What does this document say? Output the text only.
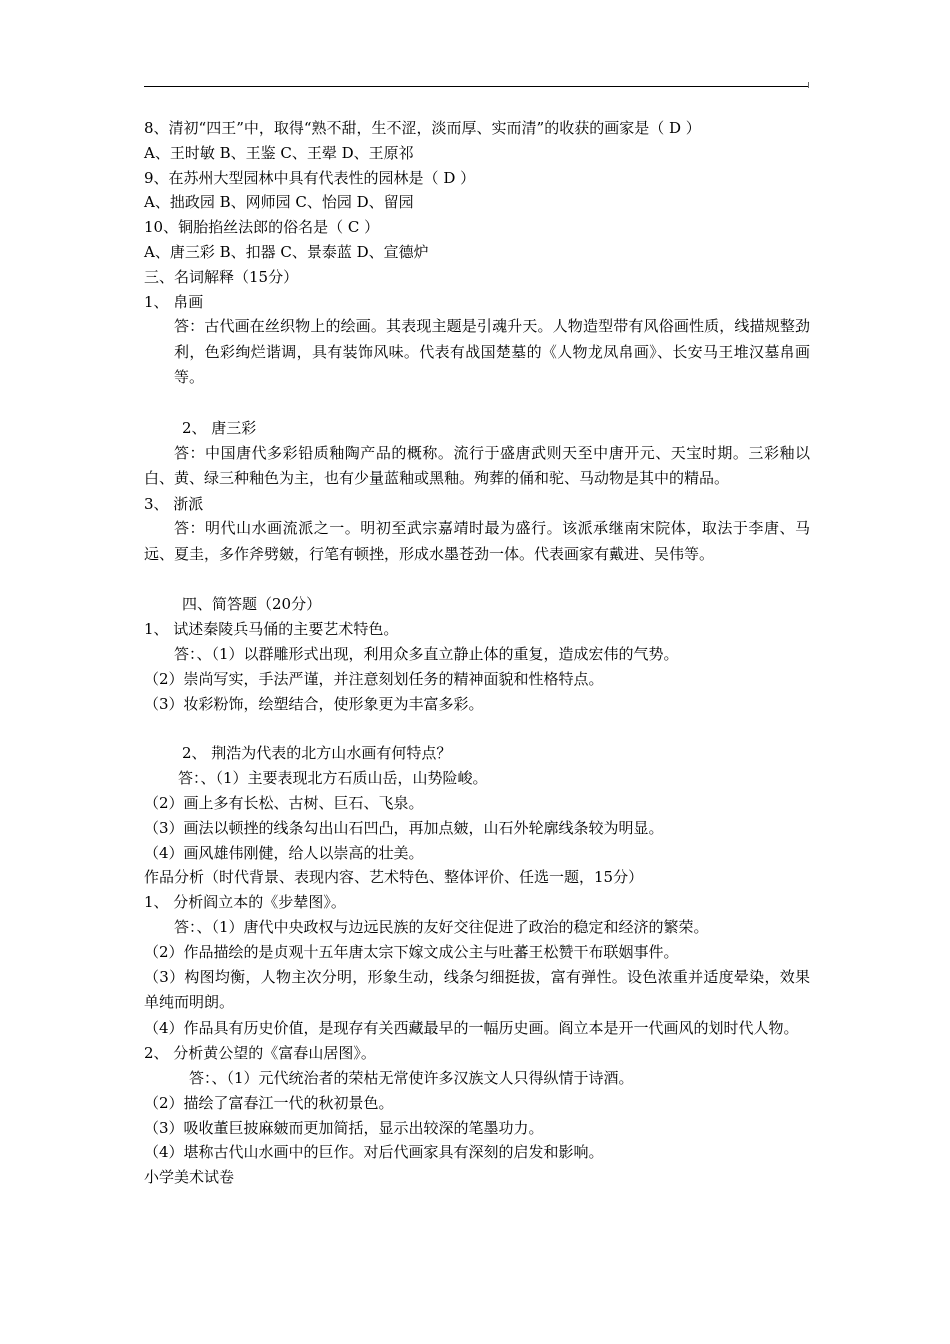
8、清初“四王”中，取得“熟不甜，生不涩，淡而厚、实而清”的收获的画家是（ D ）
A、王时敏 B、王鉴 C、王翚 D、王原祁
9、在苏州大型园林中具有代表性的园林是（ D ）
A、拙政园 B、网师园 C、怡园 D、留园
10、铜胎掐丝法郎的俗名是（ C ）
A、唐三彩 B、扣器 C、景泰蓝 D、宣德炉
三、名词解释（15分）
1、 帛画
答：古代画在丝织物上的绘画。其表现主题是引魂升天。人物造型带有风俗画性质，线描规整劲利，色彩绚烂谐调，具有装饰风味。代表有战国楚墓的《人物龙凤帛画》、长安马王堆汉墓帛画等。
2、 唐三彩
答：中国唐代多彩铅质釉陶产品的概称。流行于盛唐武则天至中唐开元、天宝时期。三彩釉以白、黄、绿三种釉色为主，也有少量蓝釉或黑釉。殉葬的俑和驼、马动物是其中的精品。
3、 浙派
答：明代山水画流派之一。明初至武宗嘉靖时最为盛行。该派承继南宋院体，取法于李唐、马远、夏圭，多作斧劈皴，行笔有顿挫，形成水墨苍劲一体。代表画家有戴进、吴伟等。
四、简答题（20分）
1、 试述秦陵兵马俑的主要艺术特色。
答：、（1）以群雕形式出现，利用众多直立静止体的重复，造成宏伟的气势。
（2）崇尚写实，手法严谨，并注意刻划任务的精神面貌和性格特点。
（3）妆彩粉饰，绘塑结合，使形象更为丰富多彩。
2、 荆浩为代表的北方山水画有何特点？
答：、（1）主要表现北方石质山岳，山势险峻。
（2）画上多有长松、古树、巨石、飞泉。
（3）画法以顿挫的线条勾出山石凹凸，再加点皴，山石外轮廓线条较为明显。
（4）画风雄伟刚健，给人以崇高的壮美。
作品分析（时代背景、表现内容、艺术特色、整体评价、任选一题，15分）
1、 分析阎立本的《步辇图》。
答：、（1）唐代中央政权与边远民族的友好交往促进了政治的稳定和经济的繁荣。
（2）作品描绘的是贞观十五年唐太宗下嫁文成公主与吐蕃王松赞干布联姻事件。
（3）构图均衡，人物主次分明，形象生动，线条匀细挺拔，富有弹性。设色浓重并适度晕染，效果单纯而明朗。
（4）作品具有历史价值，是现存有关西藏最早的一幅历史画。阎立本是开一代画风的划时代人物。
2、 分析黄公望的《富春山居图》。
答：、（1）元代统治者的荣枯无常使许多汉族文人只得纵情于诗酒。
（2）描绘了富春江一代的秋初景色。
（3）吸收董巨披麻皴而更加简括，显示出较深的笔墨功力。
（4）堪称古代山水画中的巨作。对后代画家具有深刻的启发和影响。
小学美术试卷
